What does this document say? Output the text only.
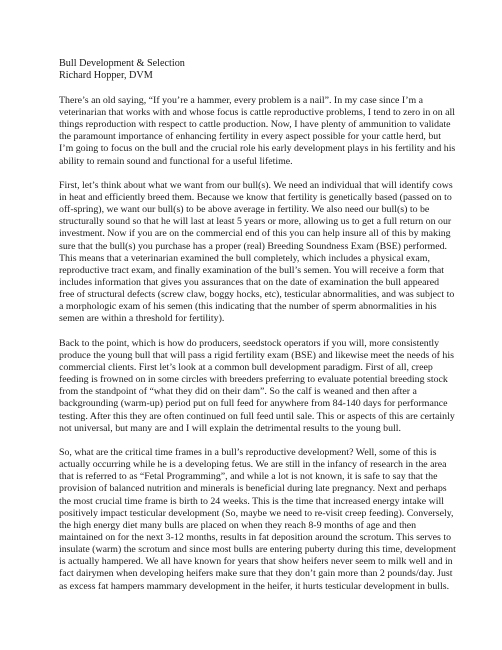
Bull Development & Selection

Richard Hopper, DVM

There’s an old saying, “If you’re a hammer, every problem is a nail”. In my case since I’m a veterinarian that works with and whose focus is cattle reproductive problems, I tend to zero in on all things reproduction with respect to cattle production. Now, I have plenty of ammunition to validate the paramount importance of enhancing fertility in every aspect possible for your cattle herd, but I’m going to focus on the bull and the crucial role his early development plays in his fertility and his ability to remain sound and functional for a useful lifetime.

First, let’s think about what we want from our bull(s). We need an individual that will identify cows in heat and efficiently breed them. Because we know that fertility is genetically based (passed on to off-spring), we want our bull(s) to be above average in fertility. We also need our bull(s) to be structurally sound so that he will last at least 5 years or more, allowing us to get a full return on our investment. Now if you are on the commercial end of this you can help insure all of this by making sure that the bull(s) you purchase has a proper (real) Breeding Soundness Exam (BSE) performed. This means that a veterinarian examined the bull completely, which includes a physical exam, reproductive tract exam, and finally examination of the bull’s semen. You will receive a form that includes information that gives you assurances that on the date of examination the bull appeared free of structural defects (screw claw, boggy hocks, etc), testicular abnormalities, and was subject to a morphologic exam of his semen (this indicating that the number of sperm abnormalities in his semen are within a threshold for fertility).

Back to the point, which is how do producers, seedstock operators if you will, more consistently produce the young bull that will pass a rigid fertility exam (BSE) and likewise meet the needs of his commercial clients. First let’s look at a common bull development paradigm. First of all, creep feeding is frowned on in some circles with breeders preferring to evaluate potential breeding stock from the standpoint of “what they did on their dam”. So the calf is weaned and then after a backgrounding (warm-up) period put on full feed for anywhere from 84-140 days for performance testing. After this they are often continued on full feed until sale. This or aspects of this are certainly not universal, but many are and I will explain the detrimental results to the young bull.

So, what are the critical time frames in a bull’s reproductive development? Well, some of this is actually occurring while he is a developing fetus. We are still in the infancy of research in the area that is referred to as “Fetal Programming”, and while a lot is not known, it is safe to say that the provision of balanced nutrition and minerals is beneficial during late pregnancy. Next and perhaps the most crucial time frame is birth to 24 weeks. This is the time that increased energy intake will positively impact testicular development (So, maybe we need to re-visit creep feeding). Conversely, the high energy diet many bulls are placed on when they reach 8-9 months of age and then maintained on for the next 3-12 months, results in fat deposition around the scrotum. This serves to insulate (warm) the scrotum and since most bulls are entering puberty during this time, development is actually hampered. We all have known for years that show heifers never seem to milk well and in fact dairymen when developing heifers make sure that they don’t gain more than 2 pounds/day. Just as excess fat hampers mammary development in the heifer, it hurts testicular development in bulls.
